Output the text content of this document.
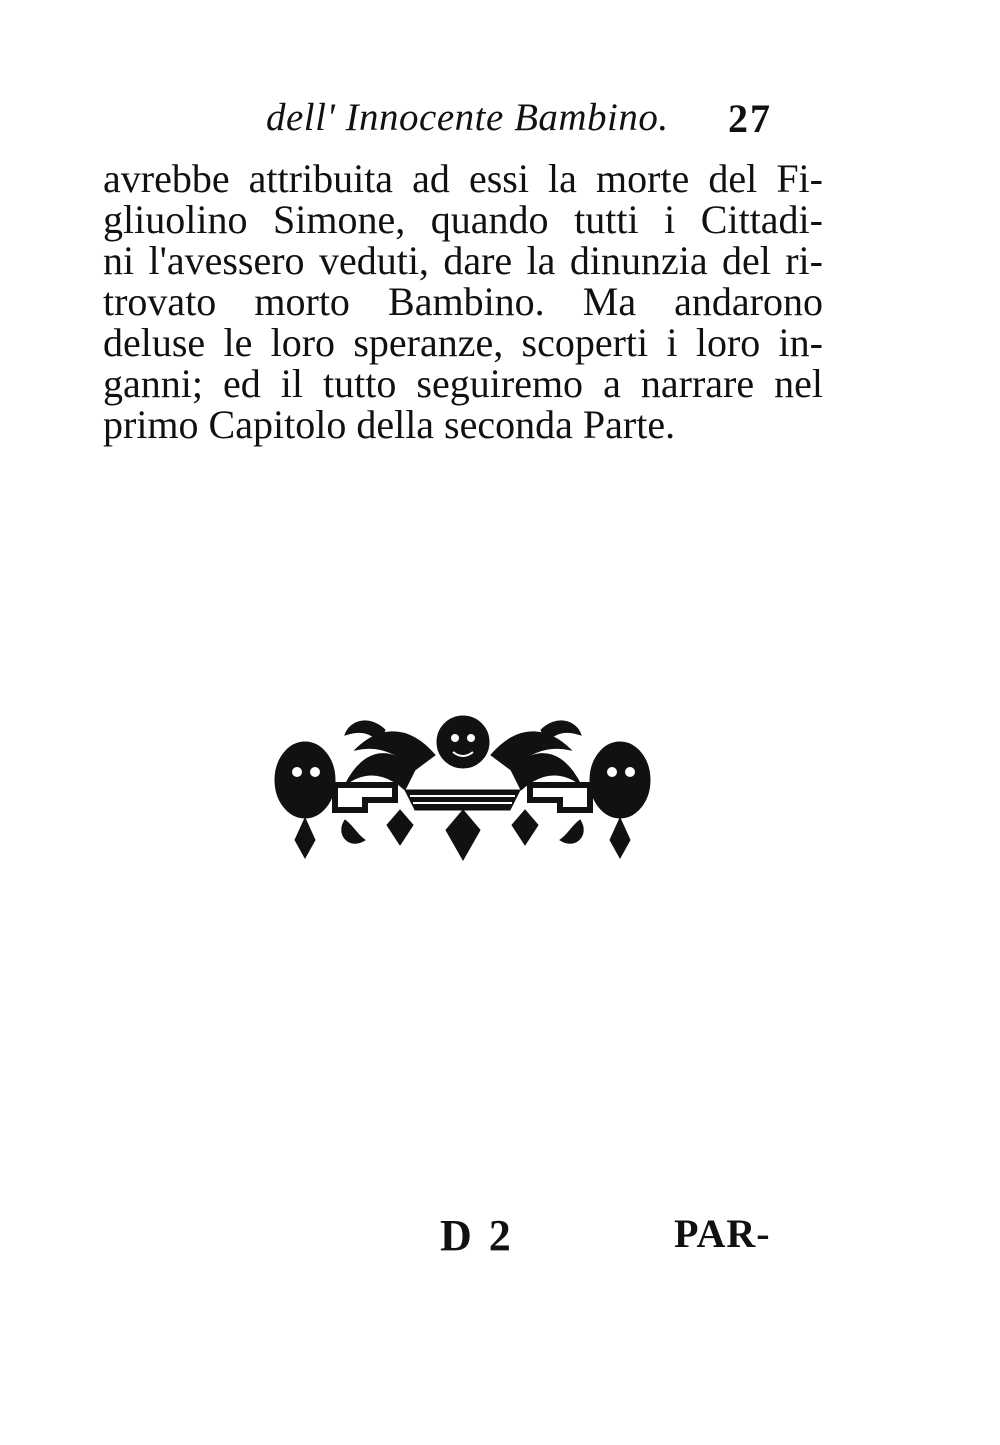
dell' Innocente Bambino. 27

avrebbe attribuita ad essi la morte del Fi-
gliuolino Simone, quando tutti i Cittadi-
ni l'avessero veduti, dare la dinunzia del ri-
trovato morto Bambino. Ma andarono
deluse le loro speranze, scoperti i loro in-
ganni; ed il tutto seguiremo a narrare nel
primo Capitolo della seconda Parte.

D 2	PAR-
